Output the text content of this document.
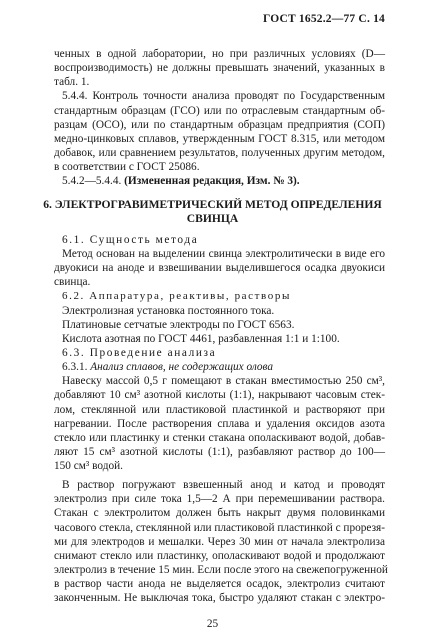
ГОСТ 1652.2—77 С. 14
ченных в одной лаборатории, но при различных условиях (D—
воспроизводимость) не должны превышать значений, указанных в
табл. 1.
5.4.4. Контроль точности анализа проводят по Государственным
стандартным образцам (ГСО) или по отраслевым стандартным об-
разцам (ОСО), или по стандартным образцам предприятия (СОП)
медно-цинковых сплавов, утвержденным ГОСТ 8.315, или методом
добавок, или сравнением результатов, полученных другим методом,
в соответствии с ГОСТ 25086.
5.4.2—5.4.4. (Измененная редакция, Изм. № 3).
6. ЭЛЕКТРОГРАВИМЕТРИЧЕСКИЙ МЕТОД ОПРЕДЕЛЕНИЯ
СВИНЦА
6.1. Сущность метода
Метод основан на выделении свинца электролитически в виде его
двуокиси на аноде и взвешивании выделившегося осадка двуокиси
свинца.
6.2. Аппаратура, реактивы, растворы
Электролизная установка постоянного тока.
Платиновые сетчатые электроды по ГОСТ 6563.
Кислота азотная по ГОСТ 4461, разбавленная 1:1 и 1:100.
6.3. Проведение анализа
6.3.1. Анализ сплавов, не содержащих олова
Навеску массой 0,5 г помещают в стакан вместимостью 250 см³,
добавляют 10 см³ азотной кислоты (1:1), накрывают часовым стек-
лом, стеклянной или пластиковой пластинкой и растворяют при
нагревании. После растворения сплава и удаления оксидов азота
стекло или пластинку и стенки стакана ополаскивают водой, добав-
ляют 15 см³ азотной кислоты (1:1), разбавляют раствор до 100—
150 см³ водой.
В раствор погружают взвешенный анод и катод и проводят
электролиз при силе тока 1,5—2 А при перемешивании раствора.
Стакан с электролитом должен быть накрыт двумя половинками
часового стекла, стеклянной или пластиковой пластинкой с прорезя-
ми для электродов и мешалки. Через 30 мин от начала электролиза
снимают стекло или пластинку, ополаскивают водой и продолжают
электролиз в течение 15 мин. Если после этого на свежепогруженной
в раствор части анода не выделяется осадок, электролиз считают
законченным. Не выключая тока, быстро удаляют стакан с электро-
25
